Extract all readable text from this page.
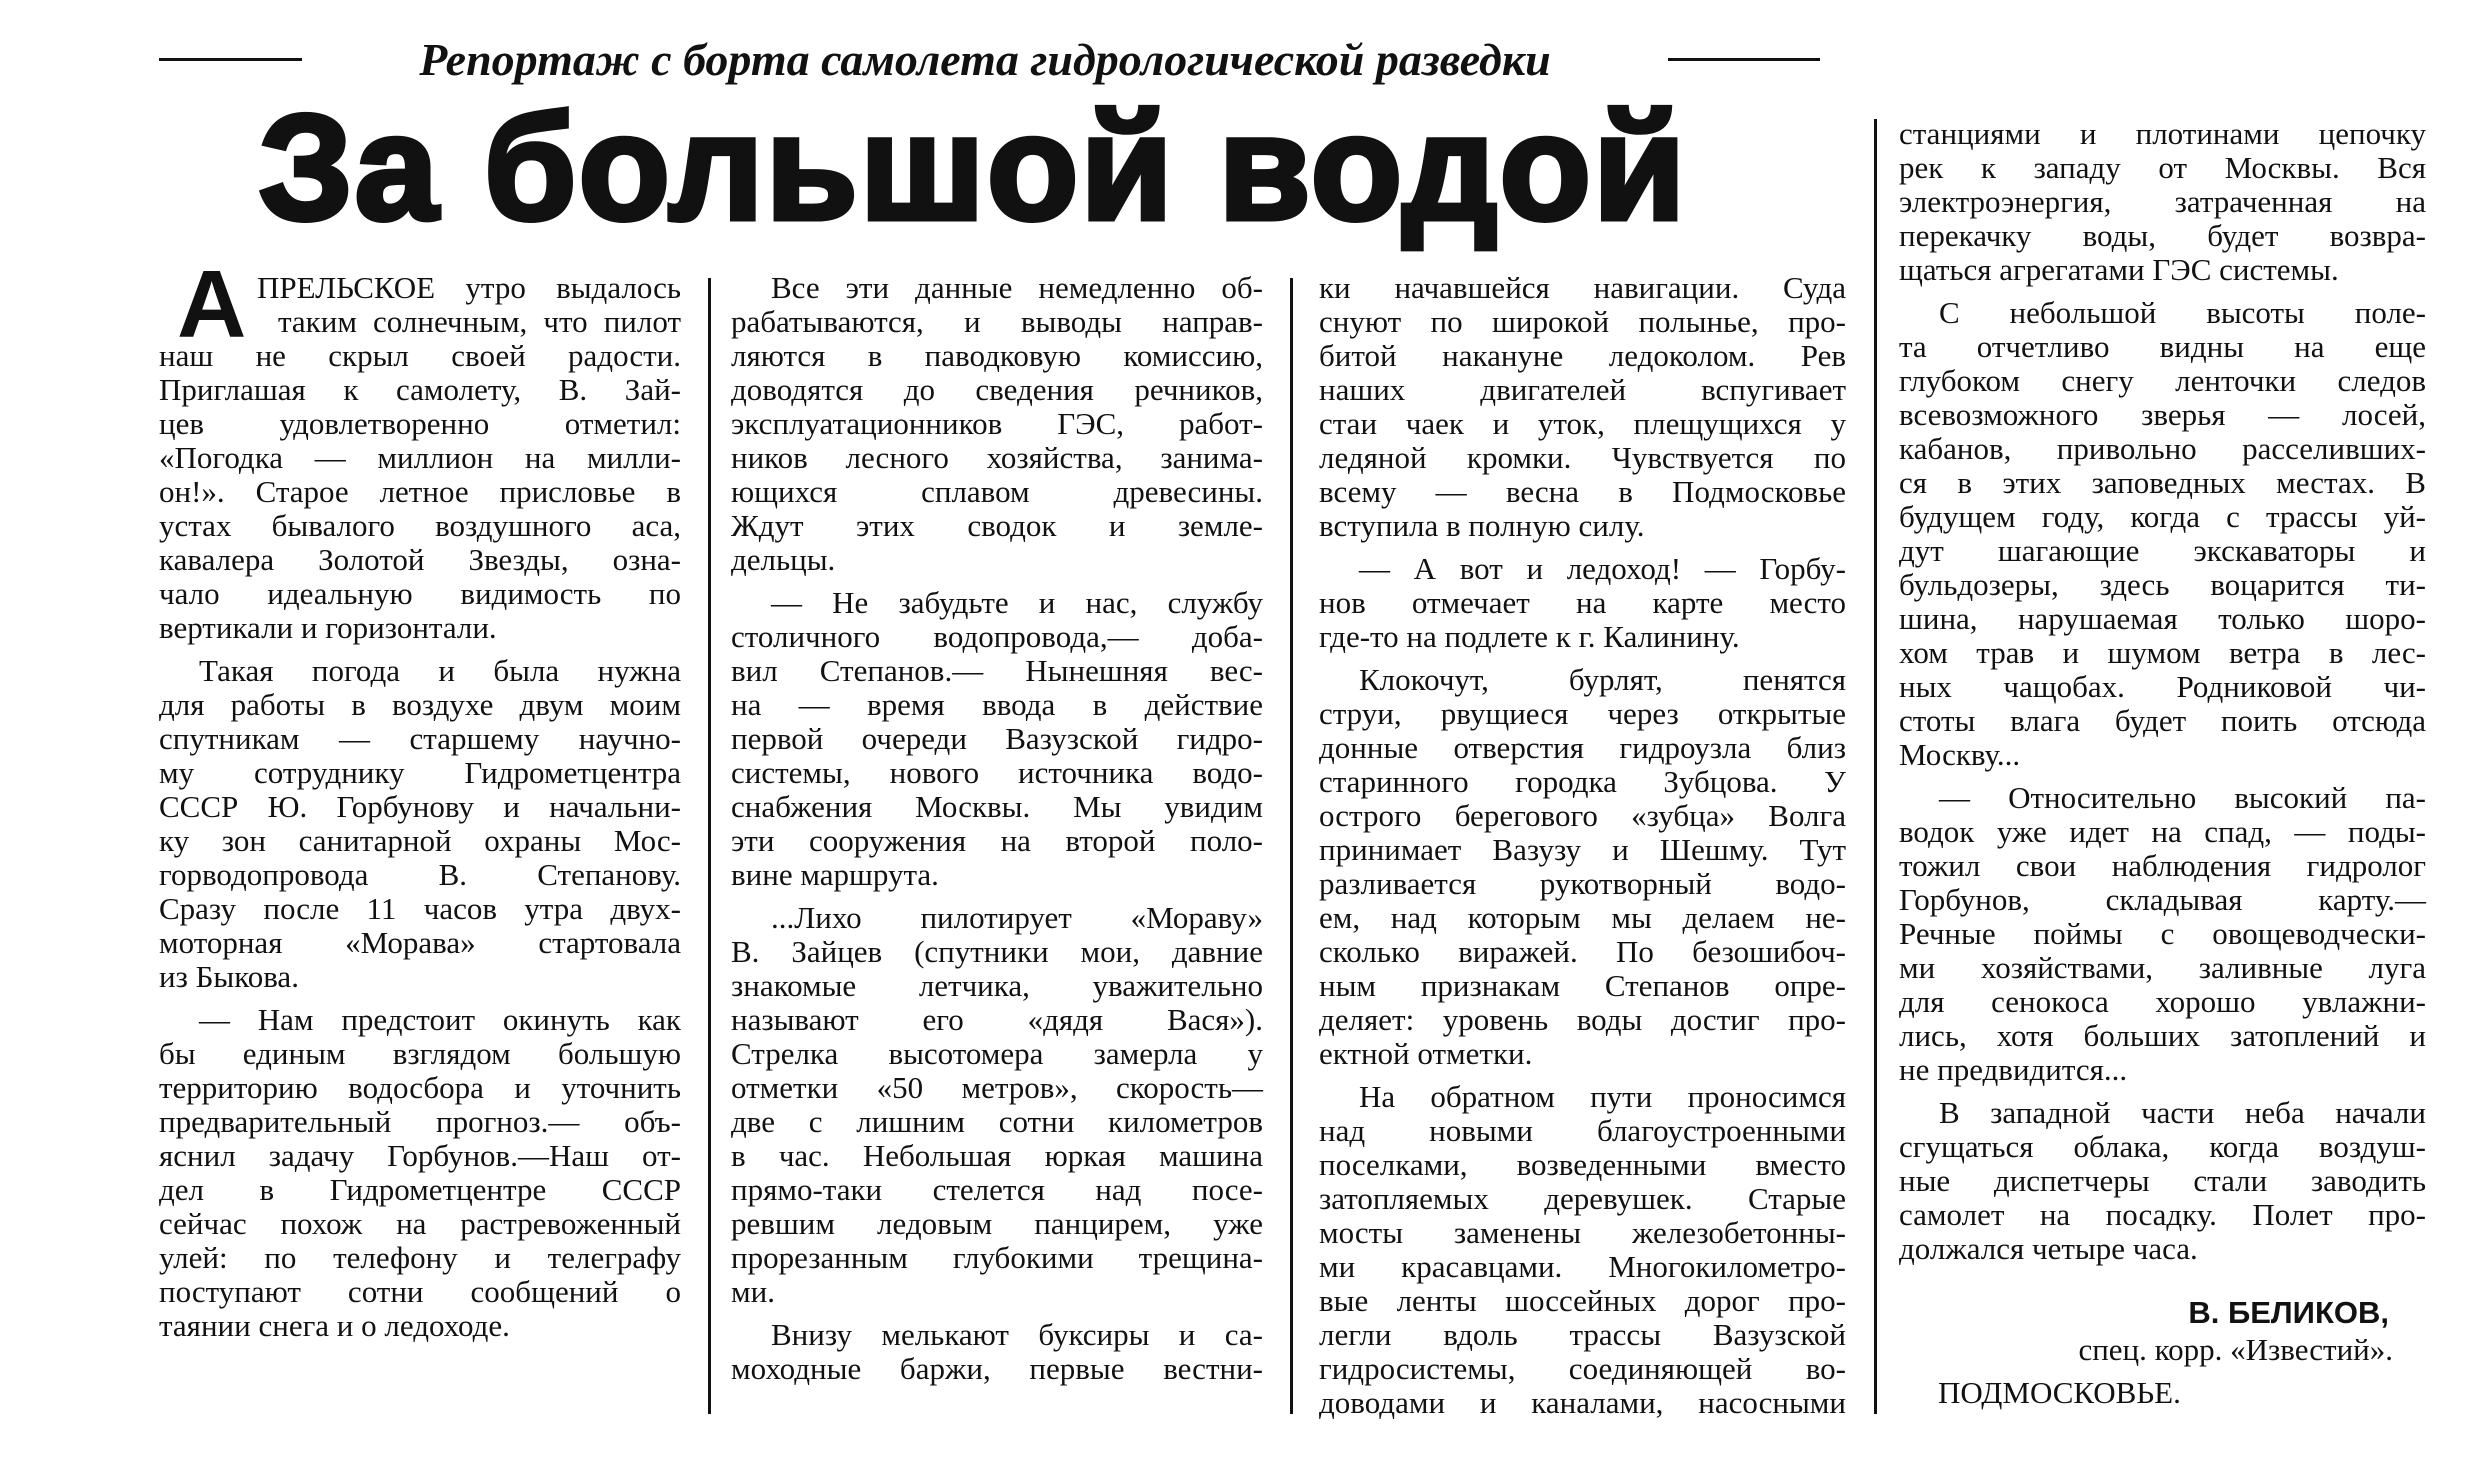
Репортаж с борта самолета гидрологической разведки
За большой водой
А ПРЕЛЬСКОЕ утро выдалось
таким солнечным, что пилот
наш не скрыл своей радости.
Приглашая к самолету, В. Зай-
цев удовлетворенно отметил:
«Погодка — миллион на милли-
он!». Старое летное присловье в
устах бывалого воздушного аса,
кавалера Золотой Звезды, озна-
чало идеальную видимость по
вертикали и горизонтали.
Такая погода и была нужна
для работы в воздухе двум моим
спутникам — старшему научно-
му сотруднику Гидрометцентра
СССР Ю. Горбунову и начальни-
ку зон санитарной охраны Мос-
горводопровода В. Степанову.
Сразу после 11 часов утра двух-
моторная «Морава» стартовала
из Быкова.
— Нам предстоит окинуть как
бы единым взглядом большую
территорию водосбора и уточнить
предварительный прогноз.— объ-
яснил задачу Горбунов.—Наш от-
дел в Гидрометцентре СССР
сейчас похож на растревоженный
улей: по телефону и телеграфу
поступают сотни сообщений о
таянии снега и о ледоходе.
Все эти данные немедленно об-
рабатываются, и выводы направ-
ляются в паводковую комиссию,
доводятся до сведения речников,
эксплуатационников ГЭС, работ-
ников лесного хозяйства, занима-
ющихся сплавом древесины.
Ждут этих сводок и земле-
дельцы.
— Не забудьте и нас, службу
столичного водопровода,— доба-
вил Степанов.— Нынешняя вес-
на — время ввода в действие
первой очереди Вазузской гидро-
системы, нового источника водо-
снабжения Москвы. Мы увидим
эти сооружения на второй поло-
вине маршрута.
...Лихо пилотирует «Мораву»
В. Зайцев (спутники мои, давние
знакомые летчика, уважительно
называют его «дядя Вася»).
Стрелка высотомера замерла у
отметки «50 метров», скорость—
две с лишним сотни километров
в час. Небольшая юркая машина
прямо-таки стелется над посе-
ревшим ледовым панцирем, уже
прорезанным глубокими трещина-
ми.
Внизу мелькают буксиры и са-
моходные баржи, первые вестни-
ки начавшейся навигации. Суда
снуют по широкой полынье, про-
битой накануне ледоколом. Рев
наших двигателей вспугивает
стаи чаек и уток, плещущихся у
ледяной кромки. Чувствуется по
всему — весна в Подмосковье
вступила в полную силу.
— А вот и ледоход! — Горбу-
нов отмечает на карте место
где-то на подлете к г. Калинину.
Клокочут, бурлят, пенятся
струи, рвущиеся через открытые
донные отверстия гидроузла близ
старинного городка Зубцова. У
острого берегового «зубца» Волга
принимает Вазузу и Шешму. Тут
разливается рукотворный водо-
ем, над которым мы делаем не-
сколько виражей. По безошибоч-
ным признакам Степанов опре-
деляет: уровень воды достиг про-
ектной отметки.
На обратном пути проносимся
над новыми благоустроенными
поселками, возведенными вместо
затопляемых деревушек. Старые
мосты заменены железобетонны-
ми красавцами. Многокилометро-
вые ленты шоссейных дорог про-
легли вдоль трассы Вазузской
гидросистемы, соединяющей во-
доводами и каналами, насосными
станциями и плотинами цепочку
рек к западу от Москвы. Вся
электроэнергия, затраченная на
перекачку воды, будет возвра-
щаться агрегатами ГЭС системы.
С небольшой высоты поле-
та отчетливо видны на еще
глубоком снегу ленточки следов
всевозможного зверья — лосей,
кабанов, привольно расселивших-
ся в этих заповедных местах. В
будущем году, когда с трассы уй-
дут шагающие экскаваторы и
бульдозеры, здесь воцарится ти-
шина, нарушаемая только шоро-
хом трав и шумом ветра в лес-
ных чащобах. Родниковой чи-
стоты влага будет поить отсюда
Москву...
— Относительно высокий па-
водок уже идет на спад, — поды-
тожил свои наблюдения гидролог
Горбунов, складывая карту.—
Речные поймы с овощеводчески-
ми хозяйствами, заливные луга
для сенокоса хорошо увлажни-
лись, хотя больших затоплений и
не предвидится...
В западной части неба начали
сгущаться облака, когда воздуш-
ные диспетчеры стали заводить
самолет на посадку. Полет про-
должался четыре часа.
В. БЕЛИКОВ,
спец. корр. «Известий».
ПОДМОСКОВЬЕ.
